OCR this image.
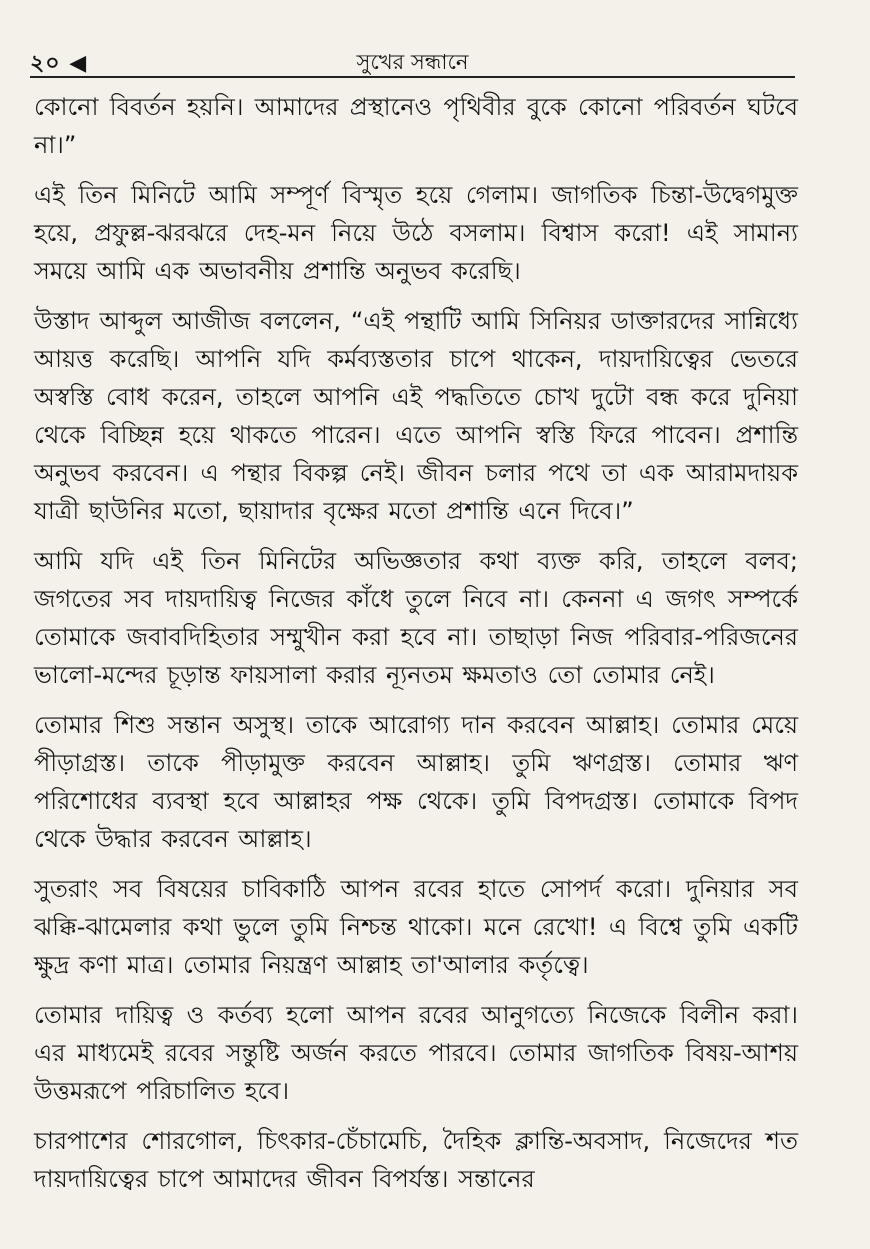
সুখের সন্ধানে
২০ ◀

কোনো বিবর্তন হয়নি। আমাদের প্রস্থানেও পৃথিবীর বুকে কোনো পরিবর্তন ঘটবে না।”

এই তিন মিনিটে আমি সম্পূর্ণ বিস্মৃত হয়ে গেলাম। জাগতিক চিন্তা-উদ্বেগমুক্ত হয়ে, প্রফুল্ল-ঝরঝরে দেহ-মন নিয়ে উঠে বসলাম। বিশ্বাস করো! এই সামান্য সময়ে আমি এক অভাবনীয় প্রশান্তি অনুভব করেছি।

উস্তাদ আব্দুল আজীজ বললেন, “এই পন্থাটি আমি সিনিয়র ডাক্তারদের সান্নিধ্যে আয়ত্ত করেছি। আপনি যদি কর্মব্যস্ততার চাপে থাকেন, দায়দায়িত্বের ভেতরে অস্বস্তি বোধ করেন, তাহলে আপনি এই পদ্ধতিতে চোখ দুটো বন্ধ করে দুনিয়া থেকে বিচ্ছিন্ন হয়ে থাকতে পারেন। এতে আপনি স্বস্তি ফিরে পাবেন। প্রশান্তি অনুভব করবেন। এ পন্থার বিকল্প নেই। জীবন চলার পথে তা এক আরামদায়ক যাত্রী ছাউনির মতো, ছায়াদার বৃক্ষের মতো প্রশান্তি এনে দিবে।”

আমি যদি এই তিন মিনিটের অভিজ্ঞতার কথা ব্যক্ত করি, তাহলে বলব; জগতের সব দায়দায়িত্ব নিজের কাঁধে তুলে নিবে না। কেননা এ জগৎ সম্পর্কে তোমাকে জবাবদিহিতার সম্মুখীন করা হবে না। তাছাড়া নিজ পরিবার-পরিজনের ভালো-মন্দের চূড়ান্ত ফায়সালা করার ন্যূনতম ক্ষমতাও তো তোমার নেই।

তোমার শিশু সন্তান অসুস্থ। তাকে আরোগ্য দান করবেন আল্লাহ। তোমার মেয়ে পীড়াগ্রস্ত। তাকে পীড়ামুক্ত করবেন আল্লাহ। তুমি ঋণগ্রস্ত। তোমার ঋণ পরিশোধের ব্যবস্থা হবে আল্লাহর পক্ষ থেকে। তুমি বিপদগ্রস্ত। তোমাকে বিপদ থেকে উদ্ধার করবেন আল্লাহ।

সুতরাং সব বিষয়ের চাবিকাঠি আপন রবের হাতে সোপর্দ করো। দুনিয়ার সব ঝক্কি-ঝামেলার কথা ভুলে তুমি নিশ্চন্ত থাকো। মনে রেখো! এ বিশ্বে তুমি একটি ক্ষুদ্র কণা মাত্র। তোমার নিয়ন্ত্রণ আল্লাহ তা'আলার কর্তৃত্বে।

তোমার দায়িত্ব ও কর্তব্য হলো আপন রবের আনুগত্যে নিজেকে বিলীন করা। এর মাধ্যমেই রবের সন্তুষ্টি অর্জন করতে পারবে। তোমার জাগতিক বিষয়-আশয় উত্তমরূপে পরিচালিত হবে।

চারপাশের শোরগোল, চিৎকার-চেঁচামেচি, দৈহিক ক্লান্তি-অবসাদ, নিজেদের শত দায়দায়িত্বের চাপে আমাদের জীবন বিপর্যস্ত। সন্তানের
